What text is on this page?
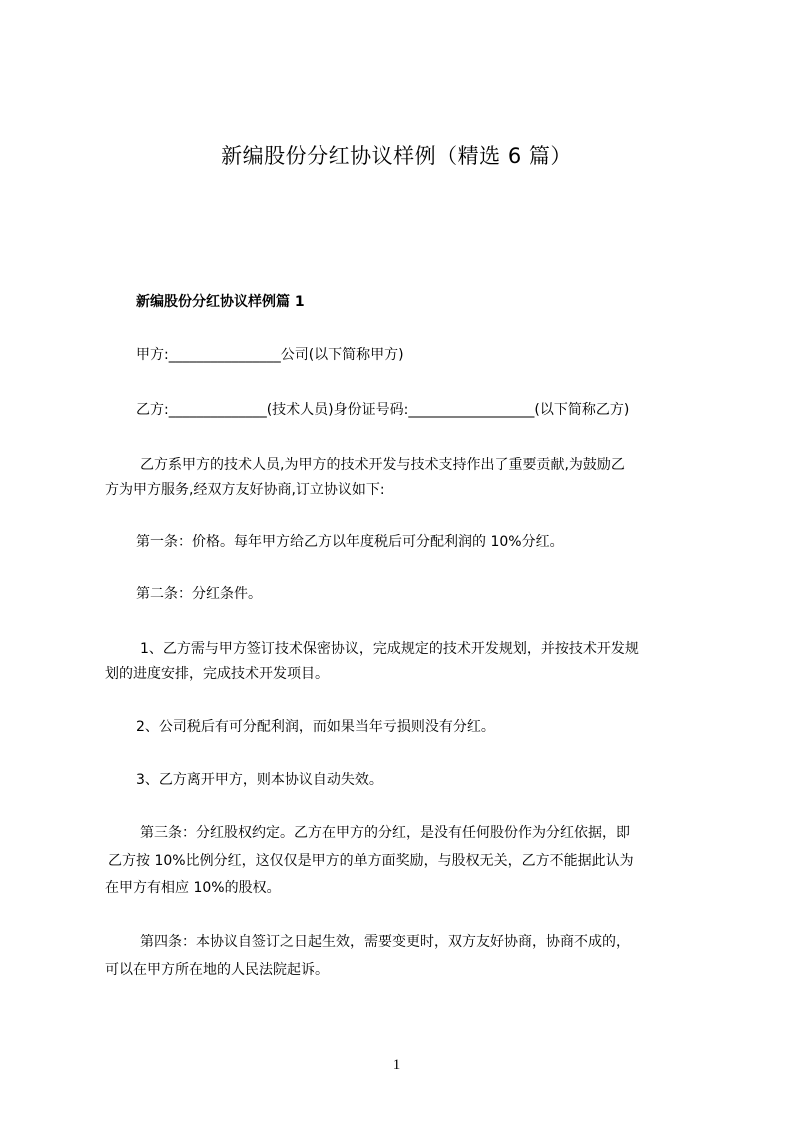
新编股份分红协议样例（精选 6 篇）
新编股份分红协议样例篇 1
甲方:________________公司(以下简称甲方)
乙方:______________(技术人员)身份证号码:__________________(以下简称乙方)
乙方系甲方的技术人员,为甲方的技术开发与技术支持作出了重要贡献,为鼓励乙
方为甲方服务,经双方友好协商,订立协议如下:
第一条：价格。每年甲方给乙方以年度税后可分配利润的 10%分红。
第二条：分红条件。
1、乙方需与甲方签订技术保密协议，完成规定的技术开发规划，并按技术开发规
划的进度安排，完成技术开发项目。
2、公司税后有可分配利润，而如果当年亏损则没有分红。
3、乙方离开甲方，则本协议自动失效。
第三条：分红股权约定。乙方在甲方的分红，是没有任何股份作为分红依据，即
乙方按 10%比例分红，这仅仅是甲方的单方面奖励，与股权无关，乙方不能据此认为
在甲方有相应 10%的股权。
第四条：本协议自签订之日起生效，需要变更时，双方友好协商，协商不成的，
可以在甲方所在地的人民法院起诉。
1
